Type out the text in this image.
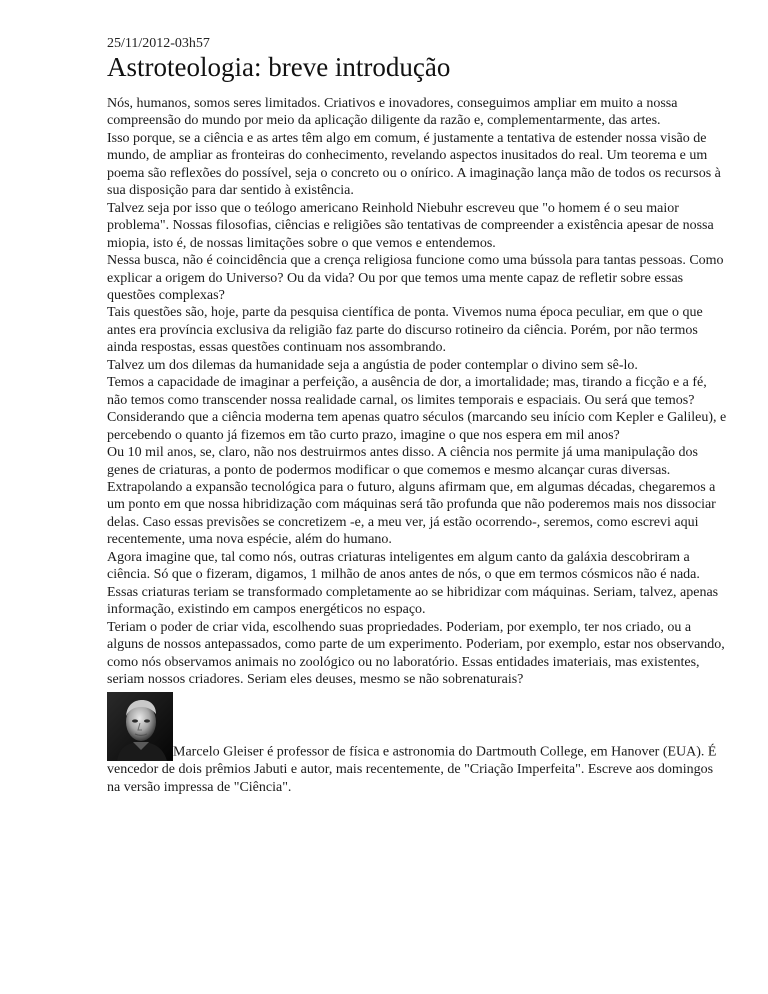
25/11/2012-03h57

Astroteologia: breve introdução

Nós, humanos, somos seres limitados. Criativos e inovadores, conseguimos ampliar em muito a nossa compreensão do mundo por meio da aplicação diligente da razão e, complementarmente, das artes.

Isso porque, se a ciência e as artes têm algo em comum, é justamente a tentativa de estender nossa visão de mundo, de ampliar as fronteiras do conhecimento, revelando aspectos inusitados do real. Um teorema e um poema são reflexões do possível, seja o concreto ou o onírico. A imaginação lança mão de todos os recursos à sua disposição para dar sentido à existência.

Talvez seja por isso que o teólogo americano Reinhold Niebuhr escreveu que "o homem é o seu maior problema". Nossas filosofias, ciências e religiões são tentativas de compreender a existência apesar de nossa miopia, isto é, de nossas limitações sobre o que vemos e entendemos.

Nessa busca, não é coincidência que a crença religiosa funcione como uma bússola para tantas pessoas. Como explicar a origem do Universo? Ou da vida? Ou por que temos uma mente capaz de refletir sobre essas questões complexas?

Tais questões são, hoje, parte da pesquisa científica de ponta. Vivemos numa época peculiar, em que o que antes era província exclusiva da religião faz parte do discurso rotineiro da ciência. Porém, por não termos ainda respostas, essas questões continuam nos assombrando.

Talvez um dos dilemas da humanidade seja a angústia de poder contemplar o divino sem sê-lo.

Temos a capacidade de imaginar a perfeição, a ausência de dor, a imortalidade; mas, tirando a ficção e a fé, não temos como transcender nossa realidade carnal, os limites temporais e espaciais. Ou será que temos?

Considerando que a ciência moderna tem apenas quatro séculos (marcando seu início com Kepler e Galileu), e percebendo o quanto já fizemos em tão curto prazo, imagine o que nos espera em mil anos?

Ou 10 mil anos, se, claro, não nos destruirmos antes disso. A ciência nos permite já uma manipulação dos genes de criaturas, a ponto de podermos modificar o que comemos e mesmo alcançar curas diversas.

Extrapolando a expansão tecnológica para o futuro, alguns afirmam que, em algumas décadas, chegaremos a um ponto em que nossa hibridização com máquinas será tão profunda que não poderemos mais nos dissociar delas. Caso essas previsões se concretizem -e, a meu ver, já estão ocorrendo-, seremos, como escrevi aqui recentemente, uma nova espécie, além do humano.

Agora imagine que, tal como nós, outras criaturas inteligentes em algum canto da galáxia descobriram a ciência. Só que o fizeram, digamos, 1 milhão de anos antes de nós, o que em termos cósmicos não é nada.

Essas criaturas teriam se transformado completamente ao se hibridizar com máquinas. Seriam, talvez, apenas informação, existindo em campos energéticos no espaço.

Teriam o poder de criar vida, escolhendo suas propriedades. Poderiam, por exemplo, ter nos criado, ou a alguns de nossos antepassados, como parte de um experimento. Poderiam, por exemplo, estar nos observando, como nós observamos animais no zoológico ou no laboratório. Essas entidades imateriais, mas existentes, seriam nossos criadores. Seriam eles deuses, mesmo se não sobrenaturais?

Marcelo Gleiser é professor de física e astronomia do Dartmouth College, em Hanover (EUA). É vencedor de dois prêmios Jabuti e autor, mais recentemente, de "Criação Imperfeita". Escreve aos domingos na versão impressa de "Ciência".
